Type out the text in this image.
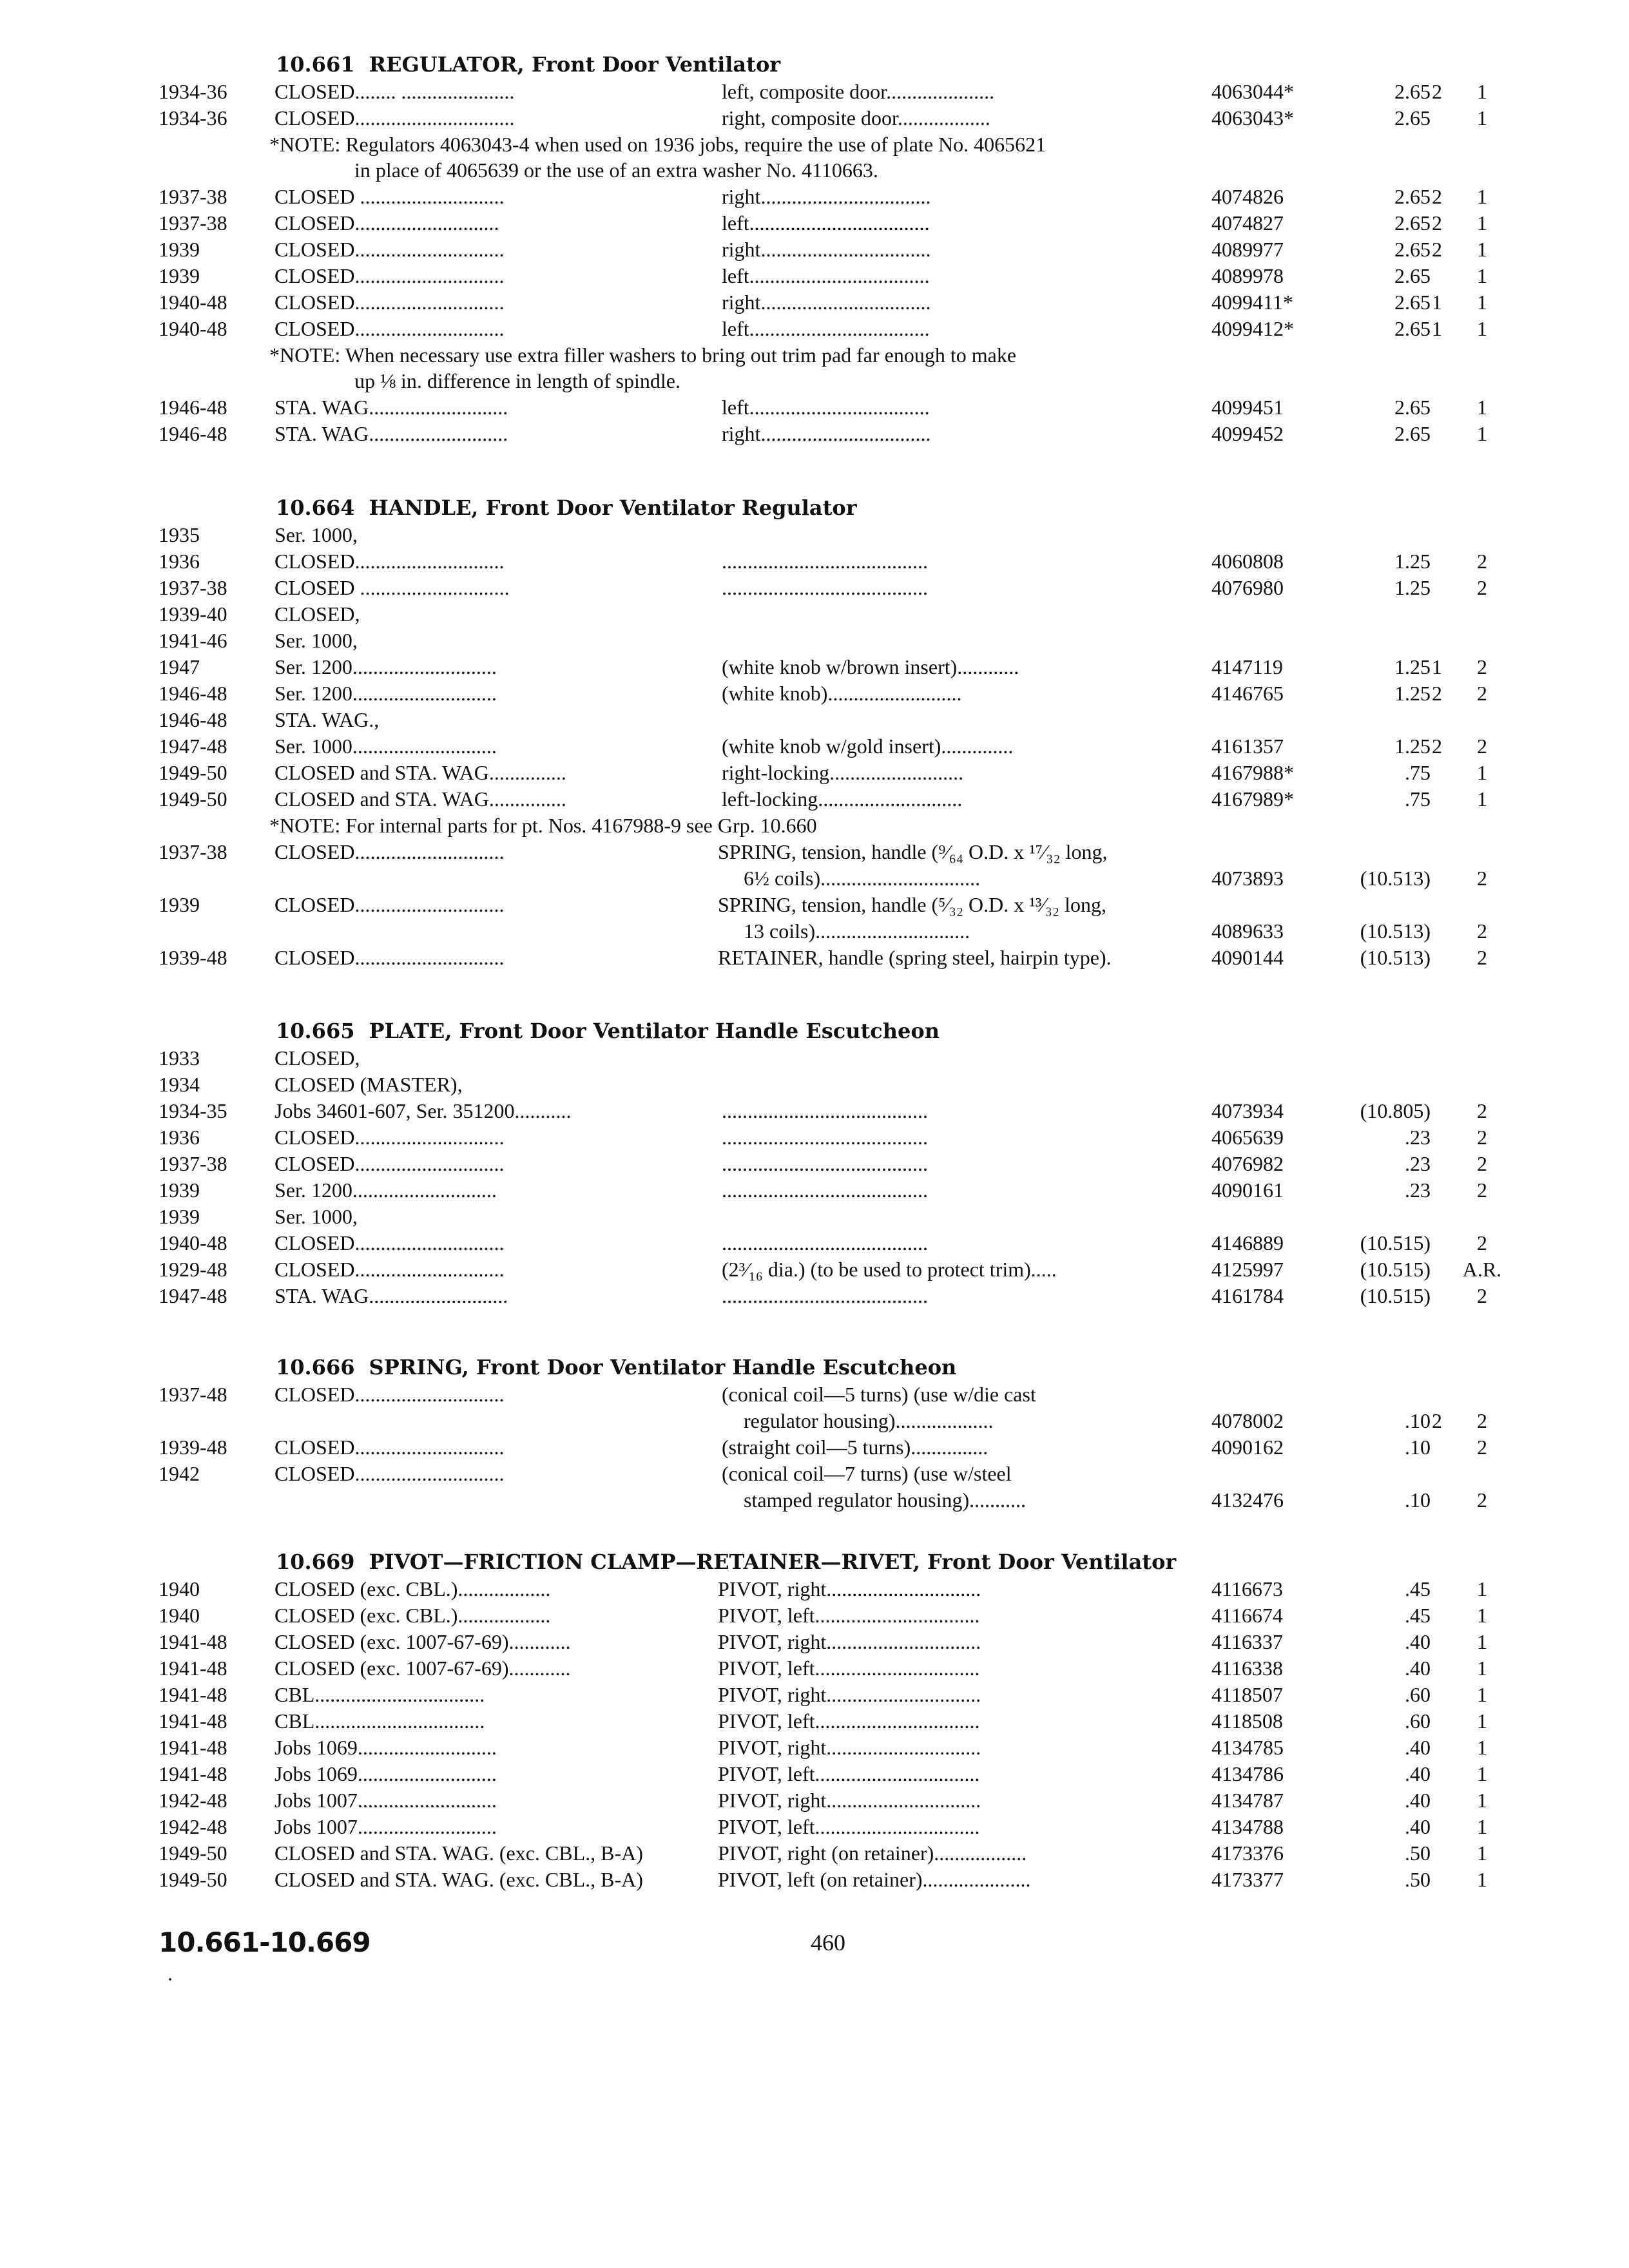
10.661 REGULATOR, Front Door Ventilator
1934-36	CLOSED........ ......................	left, composite door.....................	4063044*	2.65 2	1
1934-36	CLOSED...............................	right, composite door..................	4063043*	2.65	1
*NOTE: Regulators 4063043-4 when used on 1936 jobs, require the use of plate No. 4065621
in place of 4065639 or the use of an extra washer No. 4110663.
1937-38	CLOSED ............................	right.................................	4074826	2.65 2	1
1937-38	CLOSED............................	left...................................	4074827	2.65 2	1
1939	CLOSED.............................	right.................................	4089977	2.65 2	1
1939	CLOSED.............................	left...................................	4089978	2.65	1
1940-48	CLOSED.............................	right.................................	4099411*	2.65 1	1
1940-48	CLOSED.............................	left...................................	4099412*	2.65 1	1
*NOTE: When necessary use extra filler washers to bring out trim pad far enough to make
up ⅛ in. difference in length of spindle.
1946-48	STA. WAG...........................	left...................................	4099451	2.65	1
1946-48	STA. WAG...........................	right.................................	4099452	2.65	1
10.664 HANDLE, Front Door Ventilator Regulator
1935	Ser. 1000,
1936	CLOSED.............................	........................................	4060808	1.25	2
1937-38	CLOSED .............................	........................................	4076980	1.25	2
1939-40	CLOSED,
1941-46	Ser. 1000,
1947	Ser. 1200............................	(white knob w/brown insert)............	4147119	1.25 1	2
1946-48	Ser. 1200............................	(white knob)..........................	4146765	1.25 2	2
1946-48	STA. WAG.,
1947-48	Ser. 1000............................	(white knob w/gold insert)..............	4161357	1.25 2	2
1949-50	CLOSED and STA. WAG...............	right-locking..........................	4167988*	.75	1
1949-50	CLOSED and STA. WAG...............	left-locking............................	4167989*	.75	1
*NOTE: For internal parts for pt. Nos. 4167988-9 see Grp. 10.660
1937-38	CLOSED.............................	SPRING, tension, handle (⁹⁄₆₄ O.D. x ¹⁷⁄₃₂ long,
6½ coils)...............................	4073893	(10.513)	2
1939	CLOSED.............................	SPRING, tension, handle (⁵⁄₃₂ O.D. x ¹³⁄₃₂ long,
13 coils)..............................	4089633	(10.513)	2
1939-48	CLOSED.............................	RETAINER, handle (spring steel, hairpin type).	4090144	(10.513)	2
10.665 PLATE, Front Door Ventilator Handle Escutcheon
1933	CLOSED,
1934	CLOSED (MASTER),
1934-35	Jobs 34601-607, Ser. 351200...........	........................................	4073934	(10.805)	2
1936	CLOSED.............................	........................................	4065639	.23	2
1937-38	CLOSED.............................	........................................	4076982	.23	2
1939	Ser. 1200............................	........................................	4090161	.23	2
1939	Ser. 1000,
1940-48	CLOSED.............................	........................................	4146889	(10.515)	2
1929-48	CLOSED.............................	(2³⁄₁₆ dia.) (to be used to protect trim).....	4125997	(10.515)	A.R.
1947-48	STA. WAG...........................	........................................	4161784	(10.515)	2
10.666 SPRING, Front Door Ventilator Handle Escutcheon
1937-48	CLOSED.............................	(conical coil—5 turns) (use w/die cast
regulator housing)...................	4078002	.10 2	2
1939-48	CLOSED.............................	(straight coil—5 turns)...............	4090162	.10	2
1942	CLOSED.............................	(conical coil—7 turns) (use w/steel
stamped regulator housing)...........	4132476	.10	2
10.669 PIVOT—FRICTION CLAMP—RETAINER—RIVET, Front Door Ventilator
1940	CLOSED (exc. CBL.)..................	PIVOT, right..............................	4116673	.45	1
1940	CLOSED (exc. CBL.)..................	PIVOT, left................................	4116674	.45	1
1941-48	CLOSED (exc. 1007-67-69)............	PIVOT, right..............................	4116337	.40	1
1941-48	CLOSED (exc. 1007-67-69)............	PIVOT, left................................	4116338	.40	1
1941-48	CBL.................................	PIVOT, right..............................	4118507	.60	1
1941-48	CBL.................................	PIVOT, left................................	4118508	.60	1
1941-48	Jobs 1069...........................	PIVOT, right..............................	4134785	.40	1
1941-48	Jobs 1069...........................	PIVOT, left................................	4134786	.40	1
1942-48	Jobs 1007...........................	PIVOT, right..............................	4134787	.40	1
1942-48	Jobs 1007...........................	PIVOT, left................................	4134788	.40	1
1949-50	CLOSED and STA. WAG. (exc. CBL., B-A)	PIVOT, right (on retainer)..................	4173376	.50	1
1949-50	CLOSED and STA. WAG. (exc. CBL., B-A)	PIVOT, left (on retainer).....................	4173377	.50	1
10.661-10.669	460
